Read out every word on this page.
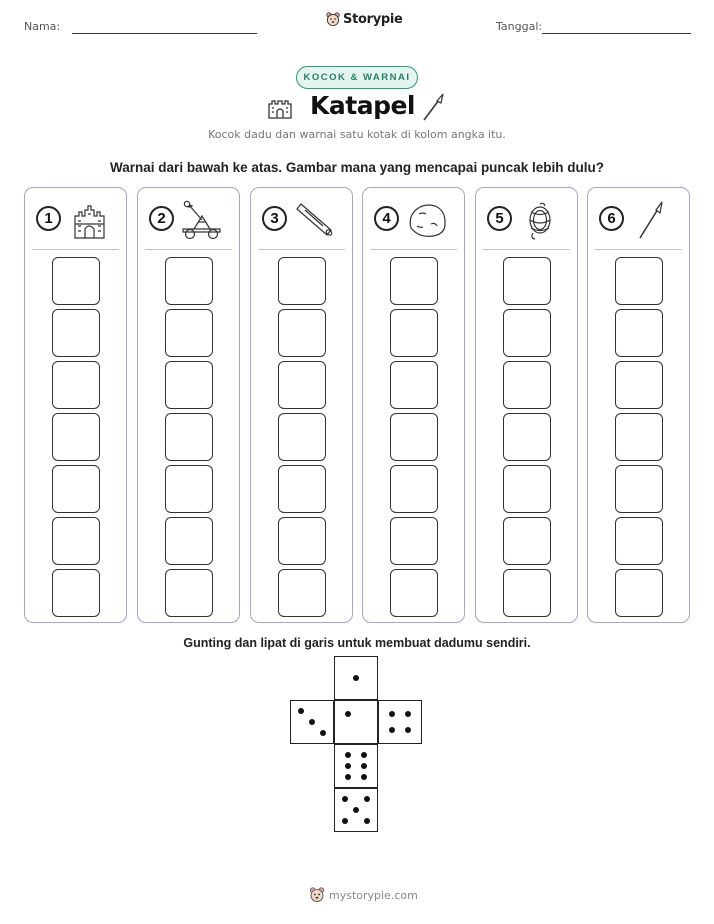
Nama:	Storypie	Tanggal:
KOCOK & WARNAI
Katapel
Kocok dadu dan warnai satu kotak di kolom angka itu.
Warnai dari bawah ke atas. Gambar mana yang mencapai puncak lebih dulu?
1	2	3	4	5	6
Gunting dan lipat di garis untuk membuat dadumu sendiri.
mystorypie.com
